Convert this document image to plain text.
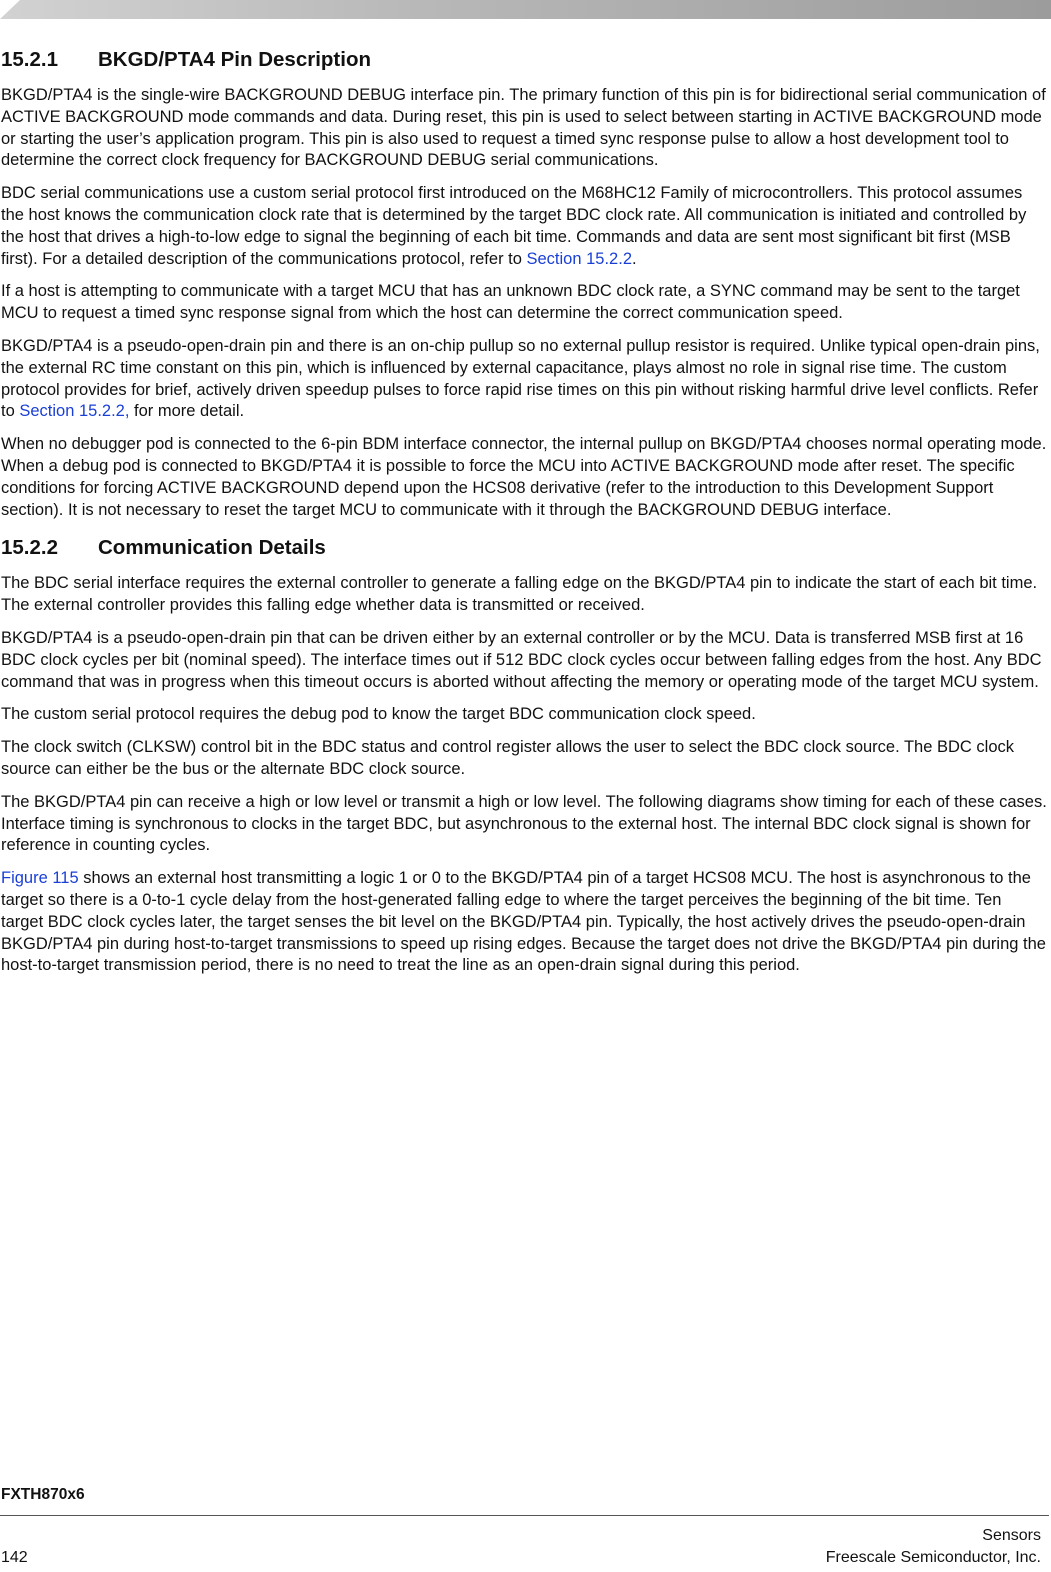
15.2.1	BKGD/PTA4 Pin Description

BKGD/PTA4 is the single-wire BACKGROUND DEBUG interface pin. The primary function of this pin is for bidirectional serial communication of ACTIVE BACKGROUND mode commands and data. During reset, this pin is used to select between starting in ACTIVE BACKGROUND mode or starting the user’s application program. This pin is also used to request a timed sync response pulse to allow a host development tool to determine the correct clock frequency for BACKGROUND DEBUG serial communications.

BDC serial communications use a custom serial protocol first introduced on the M68HC12 Family of microcontrollers. This protocol assumes the host knows the communication clock rate that is determined by the target BDC clock rate. All communication is initiated and controlled by the host that drives a high-to-low edge to signal the beginning of each bit time. Commands and data are sent most significant bit first (MSB first). For a detailed description of the communications protocol, refer to Section 15.2.2.

If a host is attempting to communicate with a target MCU that has an unknown BDC clock rate, a SYNC command may be sent to the target MCU to request a timed sync response signal from which the host can determine the correct communication speed.

BKGD/PTA4 is a pseudo-open-drain pin and there is an on-chip pullup so no external pullup resistor is required. Unlike typical open-drain pins, the external RC time constant on this pin, which is influenced by external capacitance, plays almost no role in signal rise time. The custom protocol provides for brief, actively driven speedup pulses to force rapid rise times on this pin without risking harmful drive level conflicts. Refer to Section 15.2.2, for more detail.

When no debugger pod is connected to the 6-pin BDM interface connector, the internal pullup on BKGD/PTA4 chooses normal operating mode. When a debug pod is connected to BKGD/PTA4 it is possible to force the MCU into ACTIVE BACKGROUND mode after reset. The specific conditions for forcing ACTIVE BACKGROUND depend upon the HCS08 derivative (refer to the introduction to this Development Support section). It is not necessary to reset the target MCU to communicate with it through the BACKGROUND DEBUG interface.

15.2.2	Communication Details

The BDC serial interface requires the external controller to generate a falling edge on the BKGD/PTA4 pin to indicate the start of each bit time. The external controller provides this falling edge whether data is transmitted or received.

BKGD/PTA4 is a pseudo-open-drain pin that can be driven either by an external controller or by the MCU. Data is transferred MSB first at 16 BDC clock cycles per bit (nominal speed). The interface times out if 512 BDC clock cycles occur between falling edges from the host. Any BDC command that was in progress when this timeout occurs is aborted without affecting the memory or operating mode of the target MCU system.

The custom serial protocol requires the debug pod to know the target BDC communication clock speed.

The clock switch (CLKSW) control bit in the BDC status and control register allows the user to select the BDC clock source. The BDC clock source can either be the bus or the alternate BDC clock source.

The BKGD/PTA4 pin can receive a high or low level or transmit a high or low level. The following diagrams show timing for each of these cases. Interface timing is synchronous to clocks in the target BDC, but asynchronous to the external host. The internal BDC clock signal is shown for reference in counting cycles.

Figure 115 shows an external host transmitting a logic 1 or 0 to the BKGD/PTA4 pin of a target HCS08 MCU. The host is asynchronous to the target so there is a 0-to-1 cycle delay from the host-generated falling edge to where the target perceives the beginning of the bit time. Ten target BDC clock cycles later, the target senses the bit level on the BKGD/PTA4 pin. Typically, the host actively drives the pseudo-open-drain BKGD/PTA4 pin during host-to-target transmissions to speed up rising edges. Because the target does not drive the BKGD/PTA4 pin during the host-to-target transmission period, there is no need to treat the line as an open-drain signal during this period.

FXTH870x6
Sensors
142	Freescale Semiconductor, Inc.
